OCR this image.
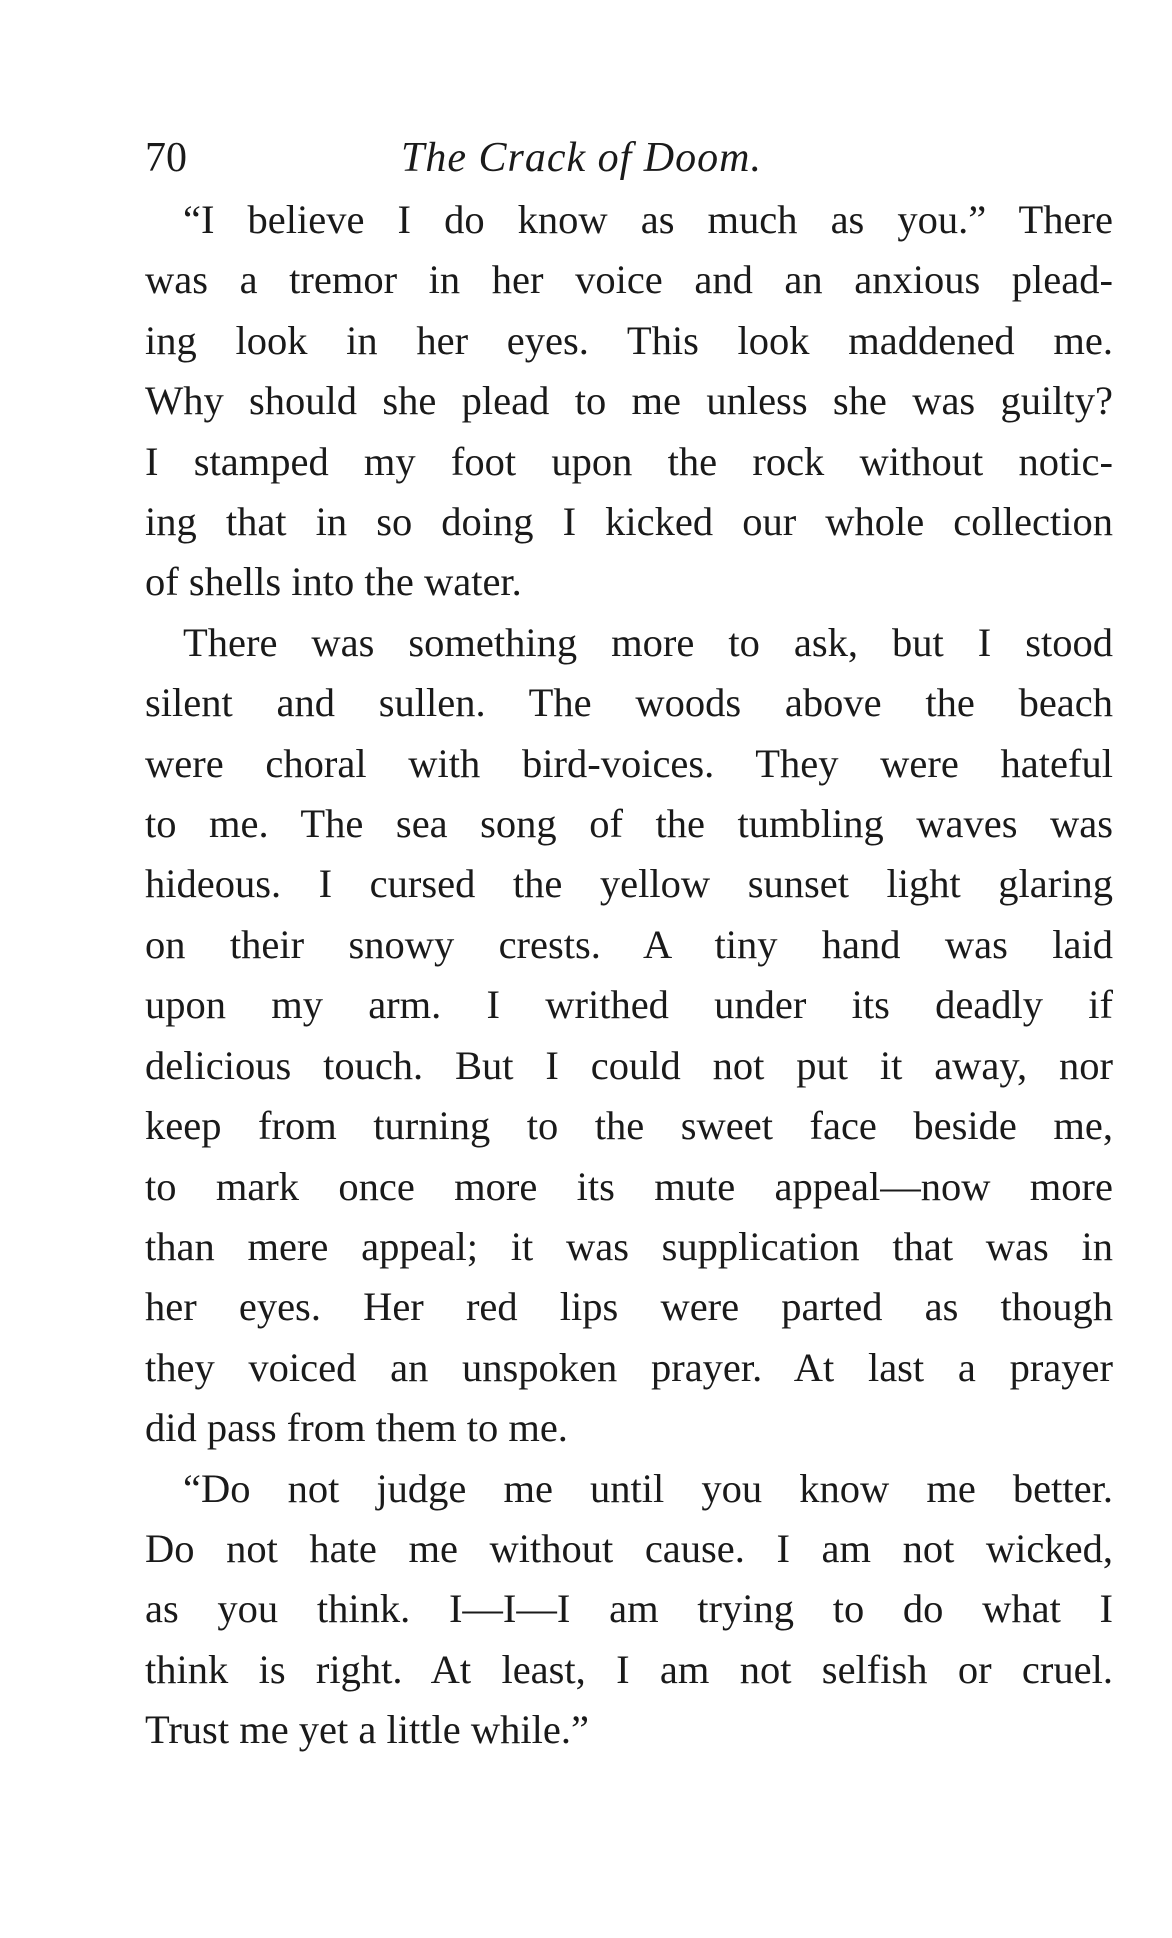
70	The Crack of Doom.
“I believe I do know as much as you.” There
was a tremor in her voice and an anxious plead-
ing look in her eyes. This look maddened me.
Why should she plead to me unless she was guilty?
I stamped my foot upon the rock without notic-
ing that in so doing I kicked our whole collection
of shells into the water.
There was something more to ask, but I stood
silent and sullen. The woods above the beach
were choral with bird-voices. They were hateful
to me. The sea song of the tumbling waves was
hideous. I cursed the yellow sunset light glaring
on their snowy crests. A tiny hand was laid
upon my arm. I writhed under its deadly if
delicious touch. But I could not put it away, nor
keep from turning to the sweet face beside me,
to mark once more its mute appeal—now more
than mere appeal; it was supplication that was in
her eyes. Her red lips were parted as though
they voiced an unspoken prayer. At last a prayer
did pass from them to me.
“Do not judge me until you know me better.
Do not hate me without cause. I am not wicked,
as you think. I—I—I am trying to do what I
think is right. At least, I am not selfish or cruel.
Trust me yet a little while.”
